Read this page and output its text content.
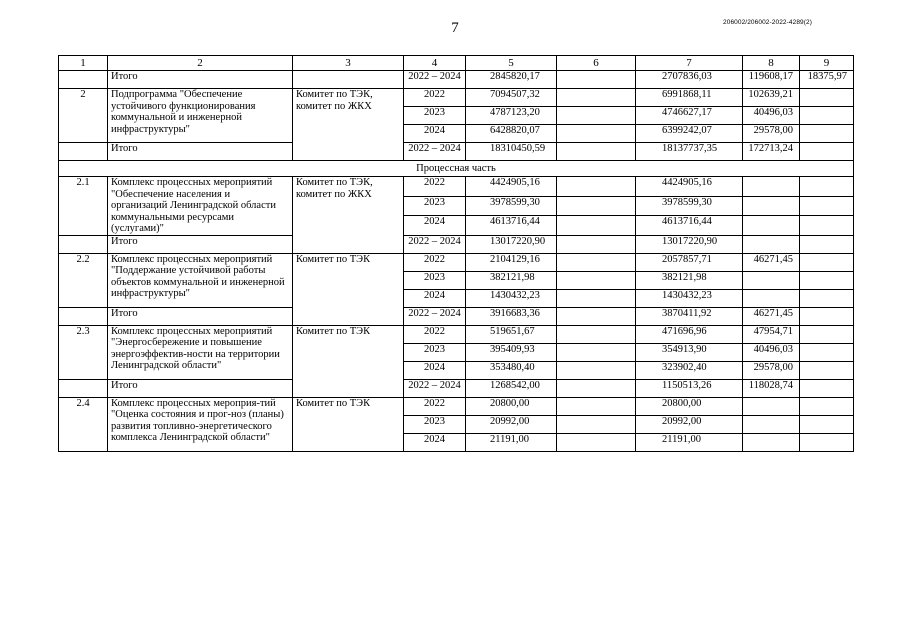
7	206002/206002-2022-4289(2)
1	2	3	4	5	6	7	8	9
	Итого		2022 – 2024	2845820,17		2707836,03	119608,17	18375,97
2	Подпрограмма "Обеспечение устойчивого функционирования коммунальной и инженерной инфраструктуры"	Комитет по ТЭК, комитет по ЖКХ	2022	7094507,32		6991868,11	102639,21	
			2023	4787123,20		4746627,17	40496,03	
			2024	6428820,07		6399242,07	29578,00	
	Итого		2022 – 2024	18310450,59		18137737,35	172713,24	
Процессная часть								
2.1	Комплекс процессных мероприятий "Обеспечение населения и организаций Ленинградской области коммунальными ресурсами (услугами)"	Комитет по ТЭК, комитет по ЖКХ	2022	4424905,16		4424905,16		
			2023	3978599,30		3978599,30		
			2024	4613716,44		4613716,44		
	Итого		2022 – 2024	13017220,90		13017220,90		
2.2	Комплекс процессных мероприятий "Поддержание устойчивой работы объектов коммунальной и инженерной инфраструктуры"	Комитет по ТЭК	2022	2104129,16		2057857,71	46271,45	
			2023	382121,98		382121,98		
			2024	1430432,23		1430432,23		
	Итого		2022 – 2024	3916683,36		3870411,92	46271,45	
2.3	Комплекс процессных мероприятий "Энергосбережение и повышение энергоэффектив-ности на территории Ленинградской области"	Комитет по ТЭК	2022	519651,67		471696,96	47954,71	
			2023	395409,93		354913,90	40496,03	
			2024	353480,40		323902,40	29578,00	
	Итого		2022 – 2024	1268542,00		1150513,26	118028,74	
2.4	Комплекс процессных мероприя-тий "Оценка состояния и прог-ноз (планы) развития топливно-энергетического комплекса Ленинградской области"	Комитет по ТЭК	2022	20800,00		20800,00		
			2023	20992,00		20992,00		
			2024	21191,00		21191,00		
